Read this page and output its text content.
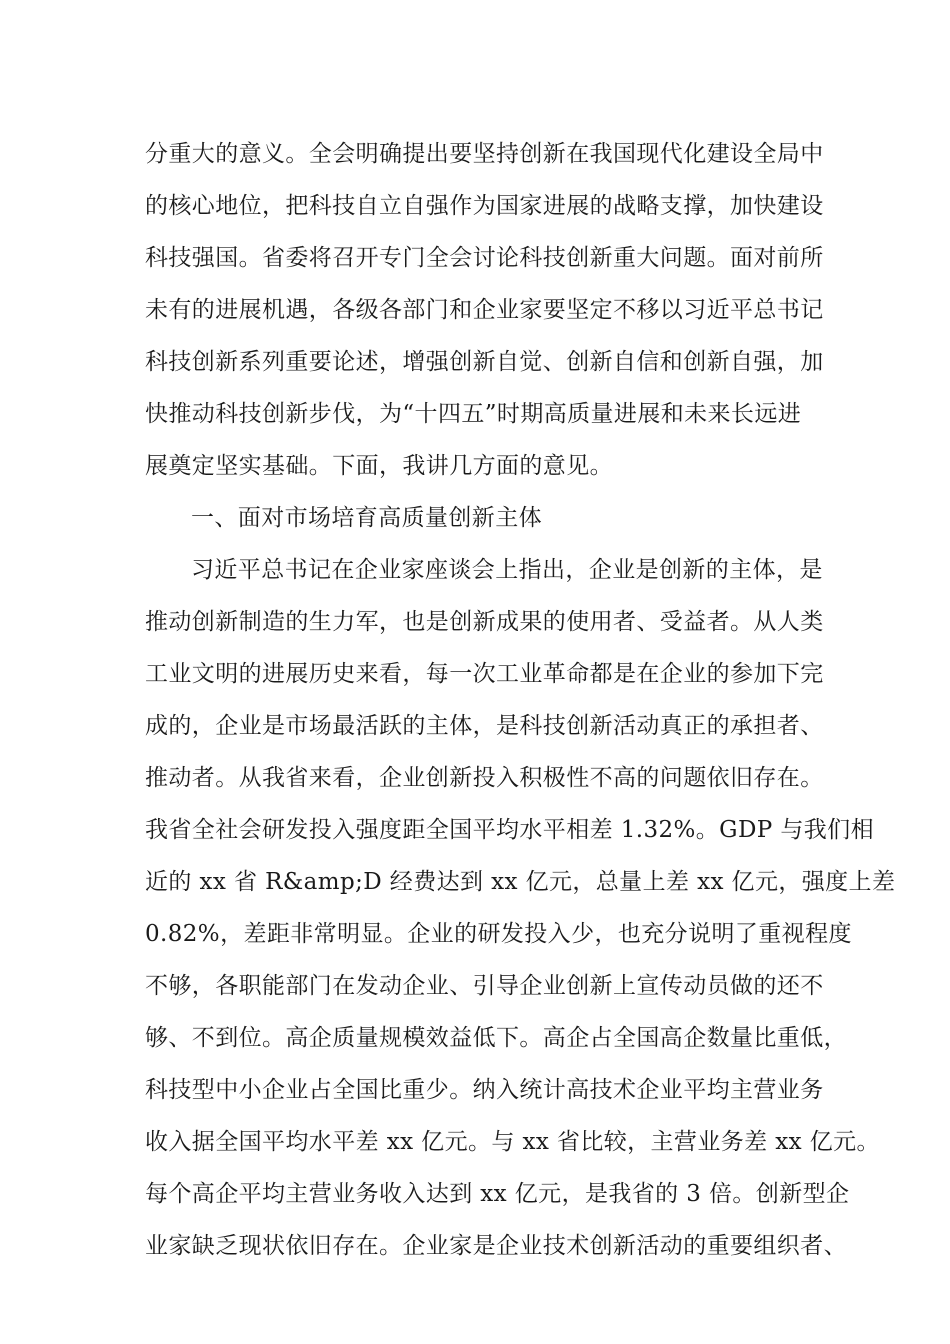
分重大的意义。全会明确提出要坚持创新在我国现代化建设全局中
的核心地位，把科技自立自强作为国家进展的战略支撑，加快建设
科技强国。省委将召开专门全会讨论科技创新重大问题。面对前所
未有的进展机遇，各级各部门和企业家要坚定不移以习近平总书记
科技创新系列重要论述，增强创新自觉、创新自信和创新自强，加
快推动科技创新步伐，为“十四五”时期高质量进展和未来长远进
展奠定坚实基础。下面，我讲几方面的意见。
一、面对市场培育高质量创新主体
习近平总书记在企业家座谈会上指出，企业是创新的主体，是
推动创新制造的生力军，也是创新成果的使用者、受益者。从人类
工业文明的进展历史来看，每一次工业革命都是在企业的参加下完
成的，企业是市场最活跃的主体，是科技创新活动真正的承担者、
推动者。从我省来看，企业创新投入积极性不高的问题依旧存在。
我省全社会研发投入强度距全国平均水平相差 1.32%。GDP 与我们相
近的 xx 省 R&amp;D 经费达到 xx 亿元，总量上差 xx 亿元，强度上差
0.82%，差距非常明显。企业的研发投入少，也充分说明了重视程度
不够，各职能部门在发动企业、引导企业创新上宣传动员做的还不
够、不到位。高企质量规模效益低下。高企占全国高企数量比重低，
科技型中小企业占全国比重少。纳入统计高技术企业平均主营业务
收入据全国平均水平差 xx 亿元。与 xx 省比较，主营业务差 xx 亿元。
每个高企平均主营业务收入达到 xx 亿元，是我省的 3 倍。创新型企
业家缺乏现状依旧存在。企业家是企业技术创新活动的重要组织者、
